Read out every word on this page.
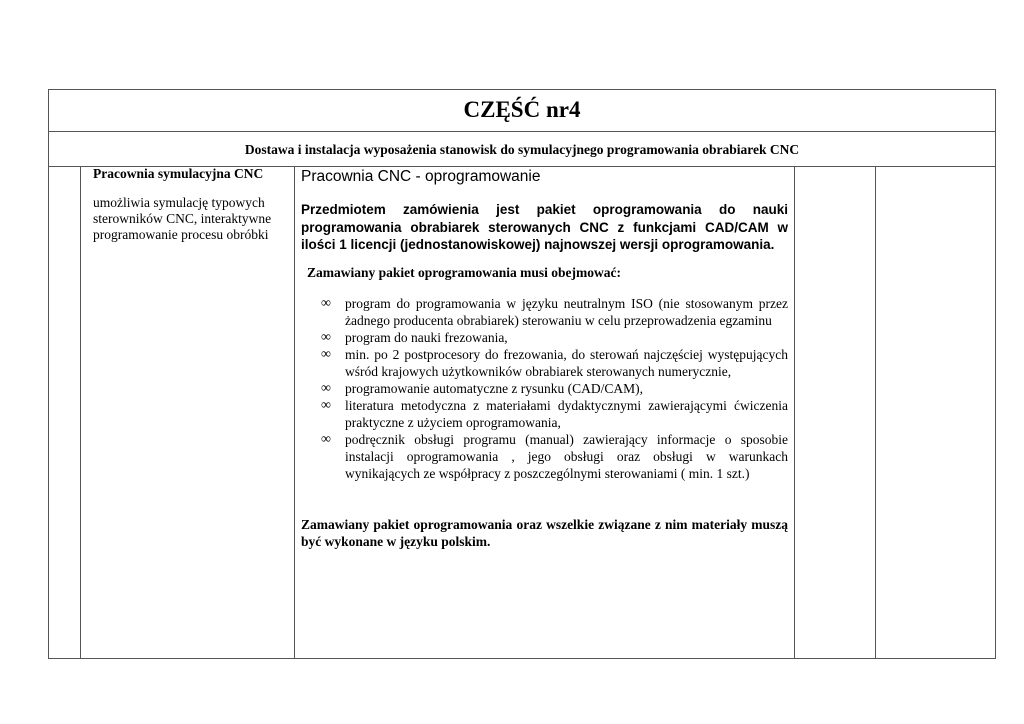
CZĘŚĆ nr4
Dostawa i instalacja wyposażenia stanowisk do symulacyjnego programowania obrabiarek CNC
Pracownia symulacyjna CNC
umożliwia symulację typowych sterowników CNC, interaktywne programowanie procesu obróbki
Pracownia CNC - oprogramowanie
Przedmiotem zamówienia jest pakiet oprogramowania do nauki programowania obrabiarek sterowanych CNC z funkcjami CAD/CAM w ilości 1 licencji (jednostanowiskowej) najnowszej wersji oprogramowania.
Zamawiany pakiet oprogramowania musi obejmować:
∞ program do programowania w języku neutralnym ISO (nie stosowanym przez żadnego producenta obrabiarek) sterowaniu w celu przeprowadzenia egzaminu
∞ program do nauki frezowania,
∞ min. po 2 postprocesory do frezowania, do sterowań najczęściej występujących wśród krajowych użytkowników obrabiarek sterowanych numerycznie,
∞ programowanie automatyczne z rysunku (CAD/CAM),
∞ literatura metodyczna z materiałami dydaktycznymi zawierającymi ćwiczenia praktyczne z użyciem oprogramowania,
∞ podręcznik obsługi programu (manual) zawierający informacje o sposobie instalacji oprogramowania , jego obsługi oraz obsługi w warunkach wynikających ze współpracy z poszczególnymi sterowaniami ( min. 1 szt.)
Zamawiany pakiet oprogramowania oraz wszelkie związane z nim materiały muszą być wykonane w języku polskim.
